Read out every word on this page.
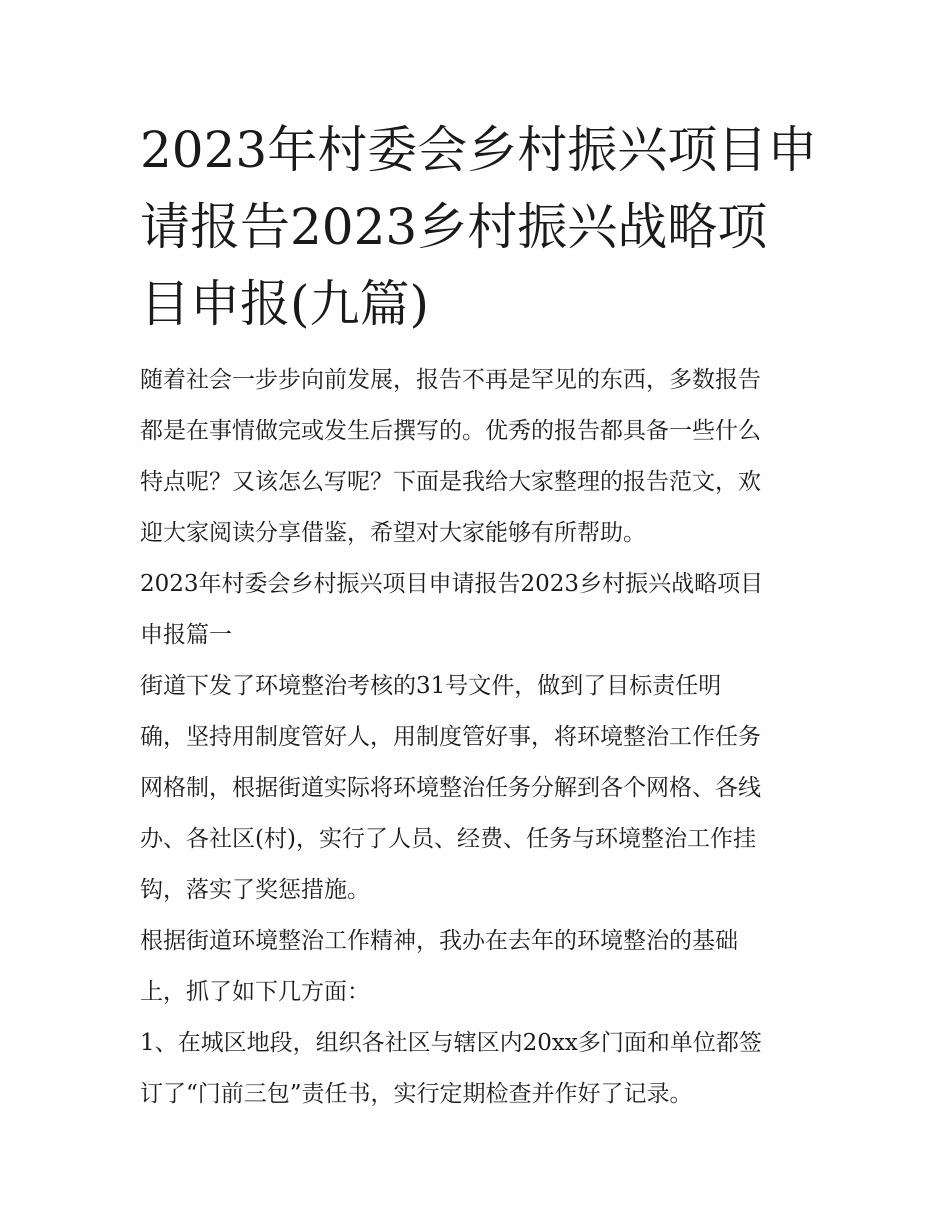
2023年村委会乡村振兴项目申
请报告2023乡村振兴战略项
目申报(九篇)
随着社会一步步向前发展，报告不再是罕见的东西，多数报告
都是在事情做完或发生后撰写的。优秀的报告都具备一些什么
特点呢？又该怎么写呢？下面是我给大家整理的报告范文，欢
迎大家阅读分享借鉴，希望对大家能够有所帮助。
2023年村委会乡村振兴项目申请报告2023乡村振兴战略项目
申报篇一
街道下发了环境整治考核的31号文件，做到了目标责任明
确，坚持用制度管好人，用制度管好事，将环境整治工作任务
网格制，根据街道实际将环境整治任务分解到各个网格、各线
办、各社区(村)，实行了人员、经费、任务与环境整治工作挂
钩，落实了奖惩措施。
根据街道环境整治工作精神，我办在去年的环境整治的基础
上，抓了如下几方面：
1、在城区地段，组织各社区与辖区内20xx多门面和单位都签
订了“门前三包”责任书，实行定期检查并作好了记录。
